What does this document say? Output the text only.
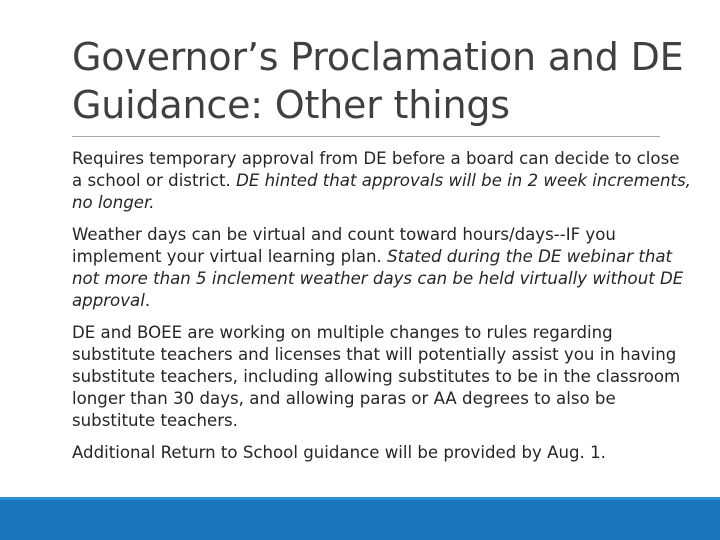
Governor’s Proclamation and DE Guidance: Other things

Requires temporary approval from DE before a board can decide to close a school or district. DE hinted that approvals will be in 2 week increments, no longer.

Weather days can be virtual and count toward hours/days--IF you implement your virtual learning plan. Stated during the DE webinar that not more than 5 inclement weather days can be held virtually without DE approval.

DE and BOEE are working on multiple changes to rules regarding substitute teachers and licenses that will potentially assist you in having substitute teachers, including allowing substitutes to be in the classroom longer than 30 days, and allowing paras or AA degrees to also be substitute teachers.

Additional Return to School guidance will be provided by Aug. 1.
